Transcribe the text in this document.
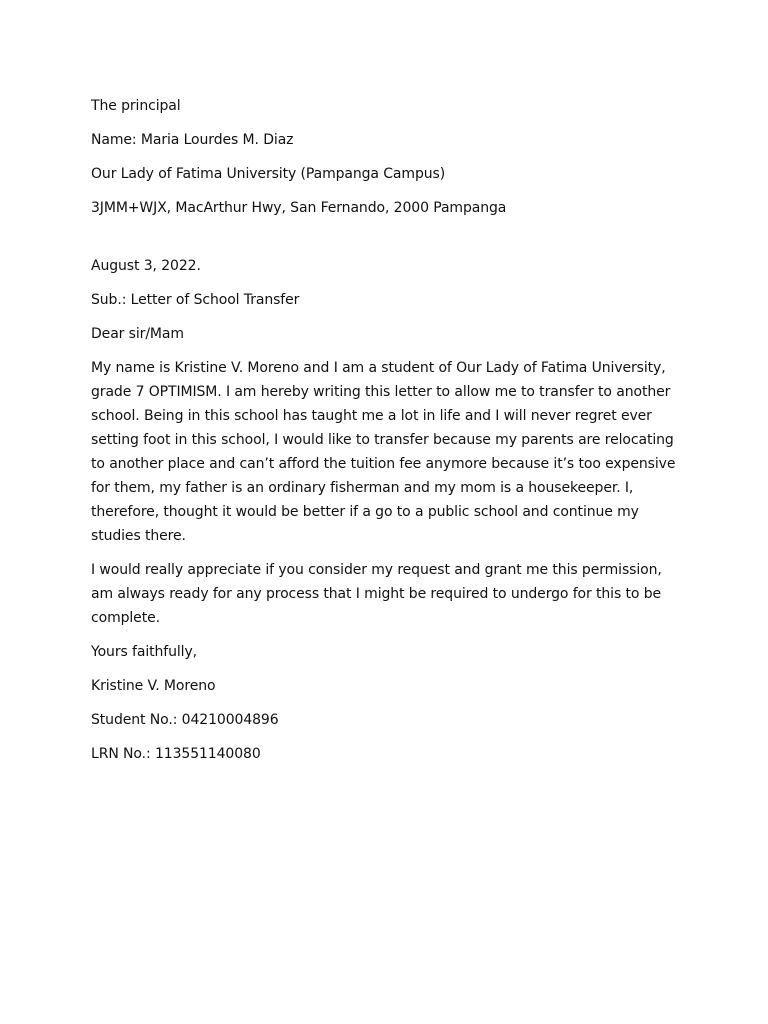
The principal
Name: Maria Lourdes M. Diaz
Our Lady of Fatima University (Pampanga Campus)
3JMM+WJX, MacArthur Hwy, San Fernando, 2000 Pampanga
August 3, 2022.
Sub.: Letter of School Transfer
Dear sir/Mam
My name is Kristine V. Moreno and I am a student of Our Lady of Fatima University, grade 7 OPTIMISM. I am hereby writing this letter to allow me to transfer to another school. Being in this school has taught me a lot in life and I will never regret ever setting foot in this school, I would like to transfer because my parents are relocating to another place and can’t afford the tuition fee anymore because it’s too expensive for them, my father is an ordinary fisherman and my mom is a housekeeper. I, therefore, thought it would be better if a go to a public school and continue my studies there.
I would really appreciate if you consider my request and grant me this permission, am always ready for any process that I might be required to undergo for this to be complete.
Yours faithfully,
Kristine V. Moreno
Student No.: 04210004896
LRN No.: 113551140080
